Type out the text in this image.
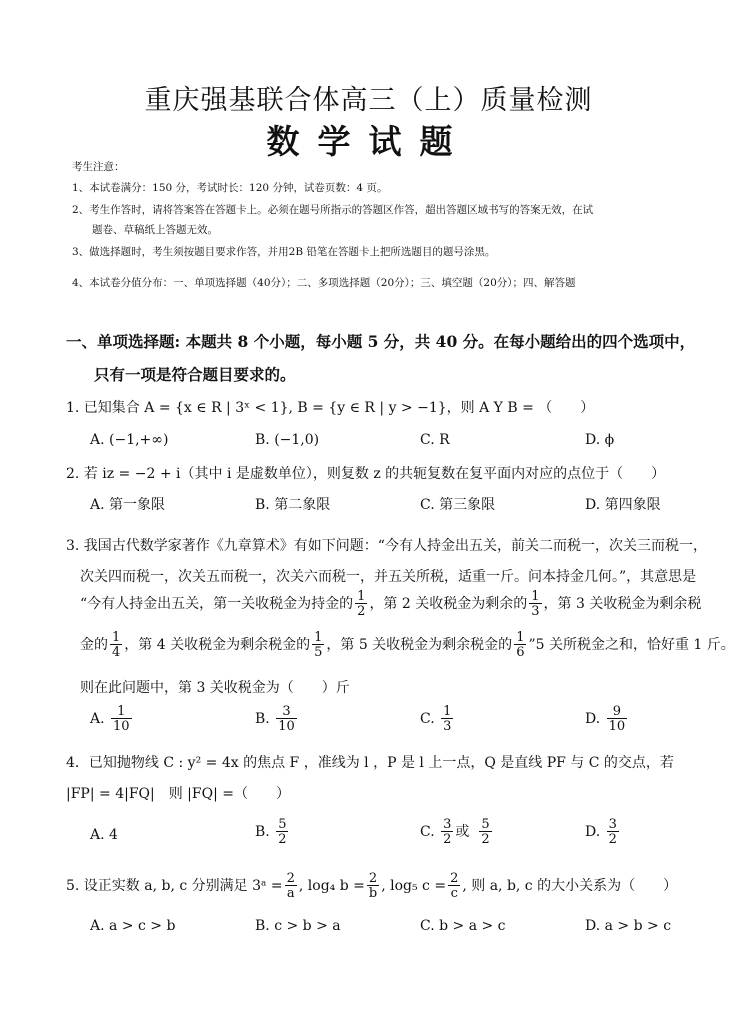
重庆强基联合体高三（上）质量检测
数学试题
考生注意：
1、本试卷满分：150 分，考试时长：120 分钟，试卷页数：4 页。
2、考生作答时，请将答案答在答题卡上。必须在题号所指示的答题区作答，超出答题区域书写的答案无效，在试
题卷、草稿纸上答题无效。
3、做选择题时，考生须按题目要求作答，并用2B 铅笔在答题卡上把所选题目的题号涂黑。
4、本试卷分值分布：一、单项选择题（40分）；二、多项选择题（20分）；三、填空题（20分）；四、解答题
一、单项选择题: 本题共 8 个小题，每小题 5 分，共 40 分。在每小题给出的四个选项中，
只有一项是符合题目要求的。
1. 已知集合 A = {x ∈ R | 3ˣ < 1}, B = {y ∈ R | y > −1}，则 A Y B = （　　）
A. (−1,+∞)	B. (−1,0)	C. R	D. ϕ
2. 若 iz = −2 + i（其中 i 是虚数单位），则复数 z 的共轭复数在复平面内对应的点位于（　　）
A. 第一象限	B. 第二象限	C. 第三象限	D. 第四象限
3. 我国古代数学家著作《九章算术》有如下问题：“今有人持金出五关，前关二而税一，次关三而税一，
次关四而税一，次关五而税一，次关六而税一，并五关所税，适重一斤。问本持金几何。”，其意思是
“今有人持金出五关，第一关收税金为持金的 $\frac{1}{2}$ ，第 2 关收税金为剩余的 $\frac{1}{3}$ ，第 3 关收税金为剩余税
金的 $\frac{1}{4}$ ，第 4 关收税金为剩余税金的 $\frac{1}{5}$ ，第 5 关收税金为剩余税金的 $\frac{1}{6}$ ”5 关所税金之和，恰好重 1 斤。
则在此问题中，第 3 关收税金为（　　）斤
A. $\frac{1}{10}$	B. $\frac{3}{10}$	C. $\frac{1}{3}$	D. $\frac{9}{10}$
4．已知抛物线 C : y² = 4x 的焦点 F ，准线为 l ，P 是 l 上一点，Q 是直线 PF 与 C 的交点，若
|FP| = 4|FQ|　则 |FQ| =（　　）
A. 4	B. $\frac{5}{2}$	C. $\frac{3}{2}$ 或 $\frac{5}{2}$	D. $\frac{3}{2}$
5. 设正实数 a, b, c 分别满足 3ᵃ = $\frac{2}{a}$ , log₄ $b = \frac{2}{b}$ , log₅ $c = \frac{2}{c}$ , 则 a, b, c 的大小关系为（　　）
A. a > c > b	B. c > b > a	C. b > a > c	D. a > b > c
